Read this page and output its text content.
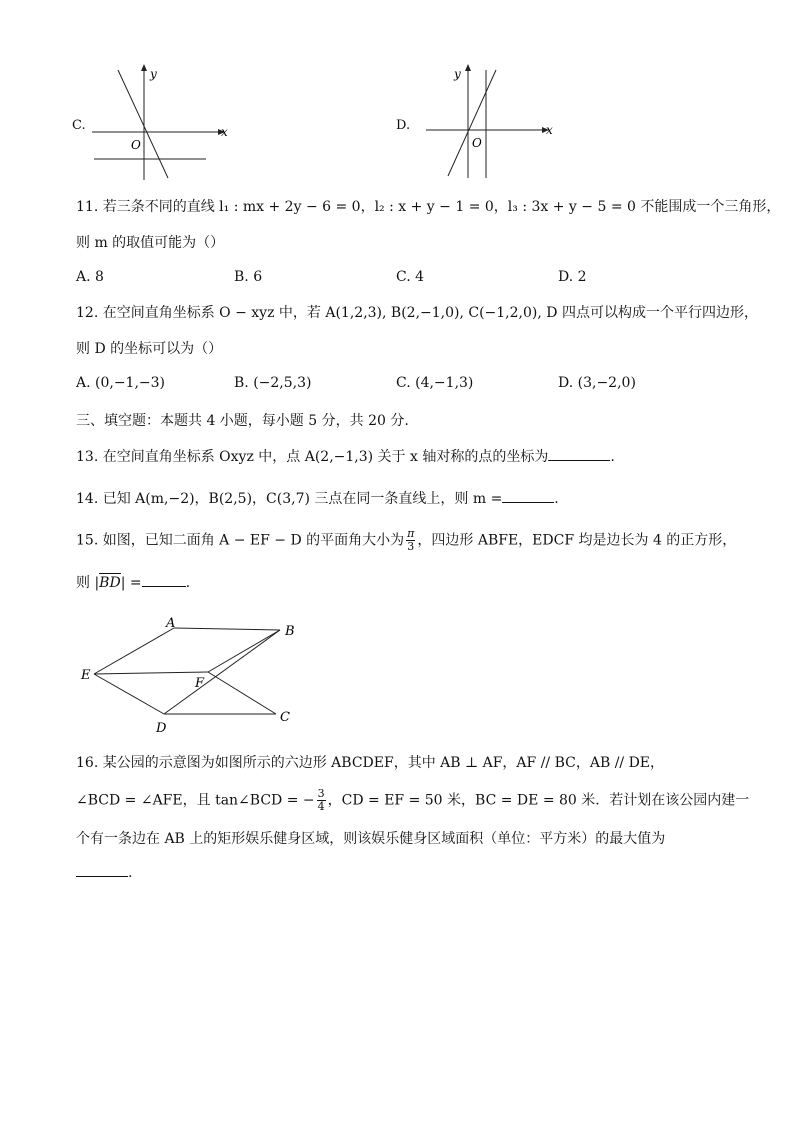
C.	x
y
O
D.	x
y
O
11. 若三条不同的直线 l₁ : mx + 2y − 6 = 0，l₂ : x + y − 1 = 0，l₃ : 3x + y − 5 = 0 不能围成一个三角形，
则 m 的取值可能为（）
A. 8	B. 6	C. 4	D. 2
12. 在空间直角坐标系 O − xyz 中，若 A(1,2,3), B(2,−1,0), C(−1,2,0), D 四点可以构成一个平行四边形，
则 D 的坐标可以为（）
A. (0,−1,−3)	B. (−2,5,3)	C. (4,−1,3)	D. (3,−2,0)
三、填空题：本题共 4 小题，每小题 5 分，共 20 分.
13. 在空间直角坐标系 Oxyz 中，点 A(2,−1,3) 关于 x 轴对称的点的坐标为	.
14. 已知 A(m,−2)，B(2,5)，C(3,7) 三点在同一条直线上，则 m =	.
15. 如图，已知二面角 A − EF − D 的平面角大小为 $\frac{\pi}{3}$ ，四边形 ABFE，EDCF 均是边长为 4 的正方形，
则 |BD| =	.
A
B
C
D
E
F
16. 某公园的示意图为如图所示的六边形 ABCDEF，其中 AB ⊥ AF，AF // BC，AB // DE，
∠BCD = ∠AFE，且 tan∠BCD = − $\frac{3}{4}$ ，CD = EF = 50 米，BC = DE = 80 米．若计划在该公园内建一
个有一条边在 AB 上的矩形娱乐健身区域，则该娱乐健身区域面积（单位：平方米）的最大值为
.
